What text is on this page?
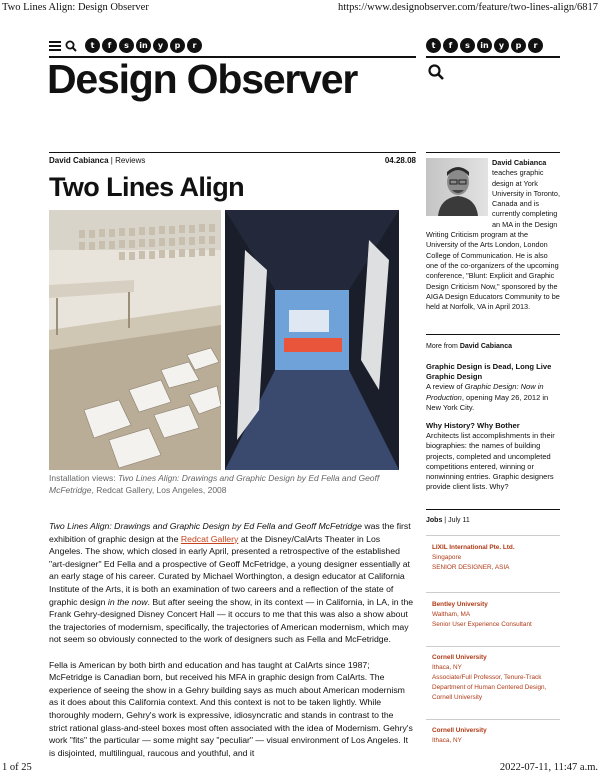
Two Lines Align: Design Observer	https://www.designobserver.com/feature/two-lines-align/6817
t	f	s	in	y	p	r	t	f	s	in	y	p	r
Design Observer
David Cabianca | Reviews	04.28.08
Two Lines Align
Installation views: Two Lines Align: Drawings and Graphic Design by Ed Fella and Geoff McFetridge, Redcat Gallery, Los Angeles, 2008

Two Lines Align: Drawings and Graphic Design by Ed Fella and Geoff McFetridge was the first exhibition of graphic design at the Redcat Gallery at the Disney/CalArts Theater in Los Angeles. The show, which closed in early April, presented a retrospective of the established "art-designer" Ed Fella and a prospective of Geoff McFetridge, a young designer essentially at an early stage of his career. Curated by Michael Worthington, a design educator at California Institute of the Arts, it is both an examination of two careers and a reflection of the state of graphic design in the now. But after seeing the show, in its context — in California, in LA, in the Frank Gehry-designed Disney Concert Hall — it occurs to me that this was also a show about the trajectories of modernism, specifically, the trajectories of American modernism, which may not seem so obviously connected to the work of designers such as Fella and McFetridge.

Fella is American by both birth and education and has taught at CalArts since 1987; McFetridge is Canadian born, but received his MFA in graphic design from CalArts. The experience of seeing the show in a Gehry building says as much about American modernism as it does about this California context. And this context is not to be taken lightly. While thoroughly modern, Gehry's work is expressive, idiosyncratic and stands in contrast to the strict rational glass-and-steel boxes most often associated with the idea of Modernism. Gehry's work "fits" the particular — some might say "peculiar" — visual environment of Los Angeles. It is disjointed, multilingual, raucous and youthful, and it

David Cabianca teaches graphic design at York University in Toronto, Canada and is currently completing an MA in the Design Writing Criticism program at the University of the Arts London, London College of Communication. He is also one of the co-organizers of the upcoming conference, "Blunt: Explicit and Graphic Design Criticism Now," sponsored by the AIGA Design Educators Community to be held at Norfolk, VA in April 2013.
More from David Cabianca
Graphic Design is Dead, Long Live Graphic Design
A review of Graphic Design: Now in Production, opening May 26, 2012 in New York City.
Why History? Why Bother
Architects list accomplishments in their biographies: the names of building projects, completed and uncompleted competitions entered, winning or nonwinning entries. Graphic designers provide client lists. Why?
Jobs | July 11
LIXIL International Pte. Ltd.
Singapore
SENIOR DESIGNER, ASIA
Bentley University
Waltham, MA
Senior User Experience Consultant
Cornell University
Ithaca, NY
Associate/Full Professor, Tenure-Track Department of Human Centered Design, Cornell University
Cornell University
Ithaca, NY
1 of 25	2022-07-11, 11:47 a.m.
